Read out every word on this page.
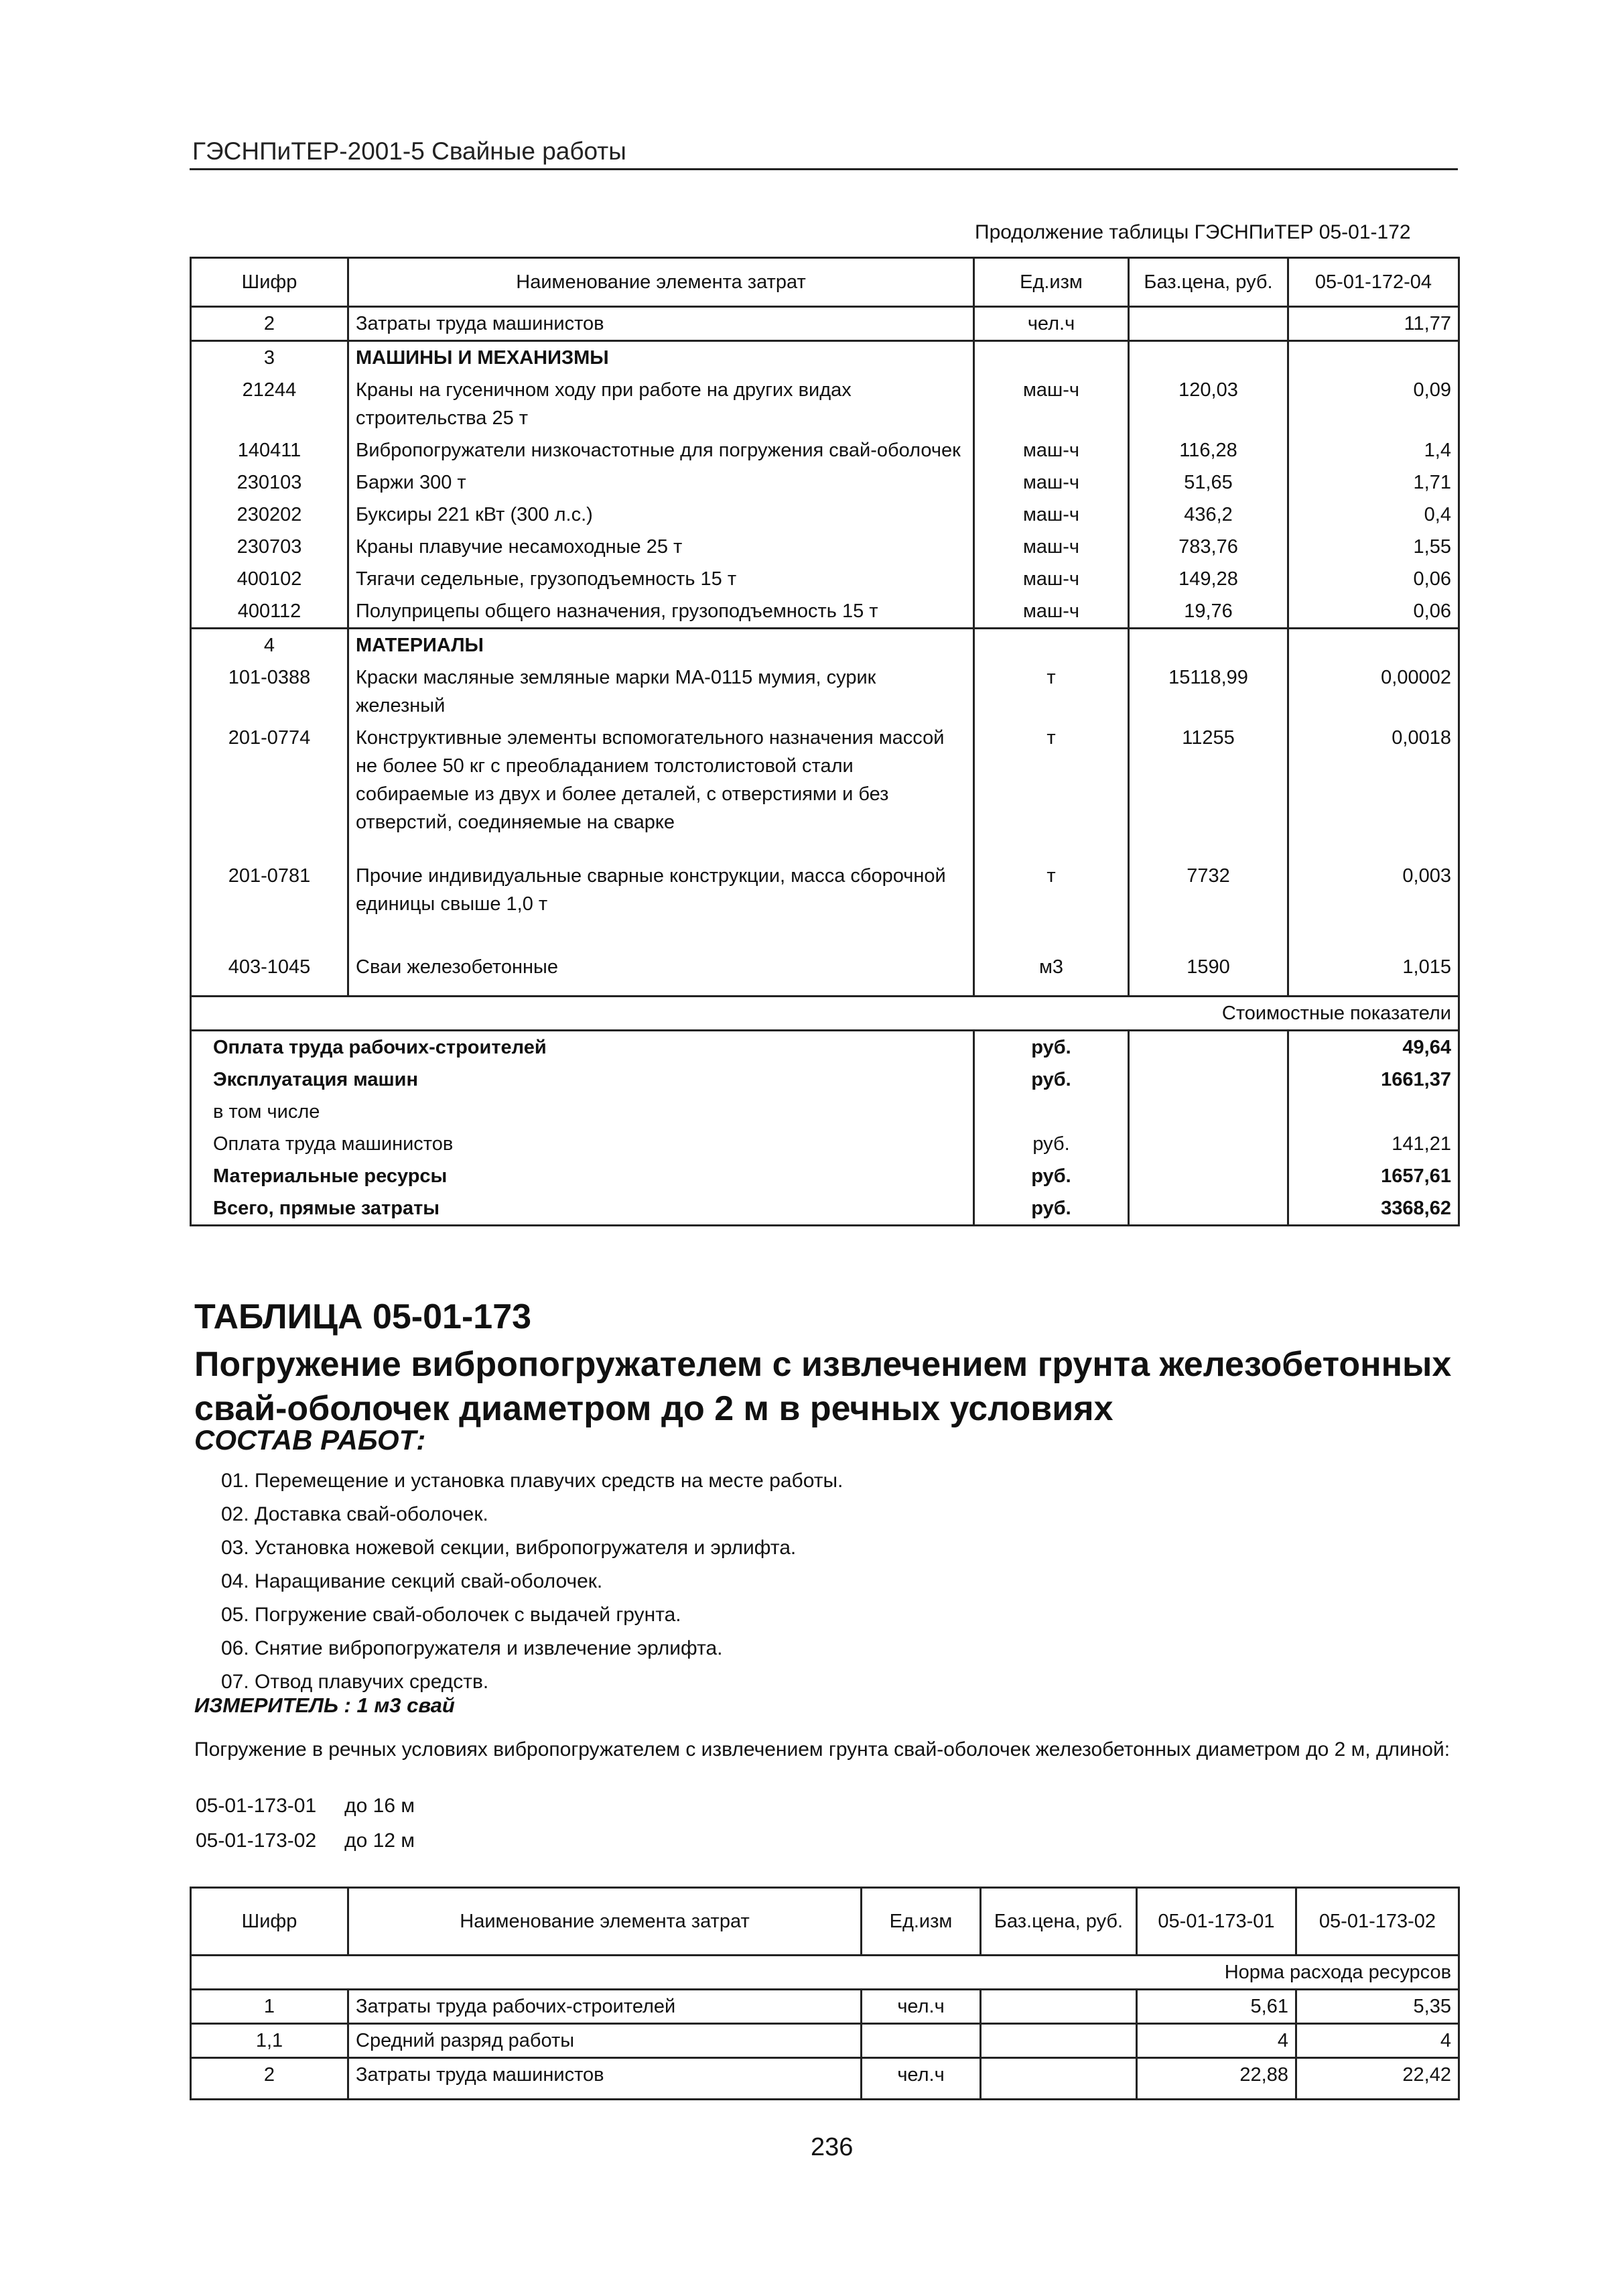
ГЭСНПиТЕР-2001-5 Свайные работы
Продолжение таблицы ГЭСНПиТЕР 05-01-172
Шифр	Наименование элемента затрат	Ед.изм	Баз.цена, руб.	05-01-172-04
2	Затраты труда машинистов	чел.ч		11,77
3	МАШИНЫ И МЕХАНИЗМЫ			
21244	Краны на гусеничном ходу при работе на других видах строительства 25 т	маш-ч	120,03	0,09
140411	Вибропогружатели низкочастотные для погружения свай-оболочек	маш-ч	116,28	1,4
230103	Баржи 300 т	маш-ч	51,65	1,71
230202	Буксиры 221 кВт (300 л.с.)	маш-ч	436,2	0,4
230703	Краны плавучие несамоходные 25 т	маш-ч	783,76	1,55
400102	Тягачи седельные, грузоподъемность 15 т	маш-ч	149,28	0,06
400112	Полуприцепы общего назначения, грузоподъемность 15 т	маш-ч	19,76	0,06
4	МАТЕРИАЛЫ			
101-0388	Краски масляные земляные марки МА-0115 мумия, сурик железный	т	15118,99	0,00002
201-0774	Конструктивные элементы вспомогательного назначения массой не более 50 кг с преобладанием толстолистовой стали собираемые из двух и более деталей, с отверстиями и без отверстий, соединяемые на сварке	т	11255	0,0018
201-0781	Прочие индивидуальные сварные конструкции, масса сборочной единицы свыше 1,0 т	т	7732	0,003
403-1045	Сваи железобетонные	м3	1590	1,015
Стоимостные показатели				
Оплата труда рабочих-строителей		руб.		49,64
Эксплуатация машин		руб.		1661,37
в том числе				
Оплата труда машинистов		руб.		141,21
Материальные ресурсы		руб.		1657,61
Всего, прямые затраты		руб.		3368,62
ТАБЛИЦА 05-01-173
Погружение вибропогружателем с извлечением грунта железобетонных свай-оболочек диаметром до 2 м в речных условиях
СОСТАВ РАБОТ:
01. Перемещение и установка плавучих средств на месте работы.
02. Доставка свай-оболочек.
03. Установка ножевой секции, вибропогружателя и эрлифта.
04. Наращивание секций свай-оболочек.
05. Погружение свай-оболочек с выдачей грунта.
06. Снятие вибропогружателя и извлечение эрлифта.
07. Отвод плавучих средств.
ИЗМЕРИТЕЛЬ : 1 м3 свай
Погружение в речных условиях вибропогружателем с извлечением грунта свай-оболочек железобетонных диаметром до 2 м, длиной:
05-01-173-01	до 16 м
05-01-173-02	до 12 м
Шифр	Наименование элемента затрат	Ед.изм	Баз.цена, руб.	05-01-173-01	05-01-173-02
Норма расхода ресурсов					
1	Затраты труда рабочих-строителей	чел.ч		5,61	5,35
1,1	Средний разряд работы			4	4
2	Затраты труда машинистов	чел.ч		22,88	22,42
236
